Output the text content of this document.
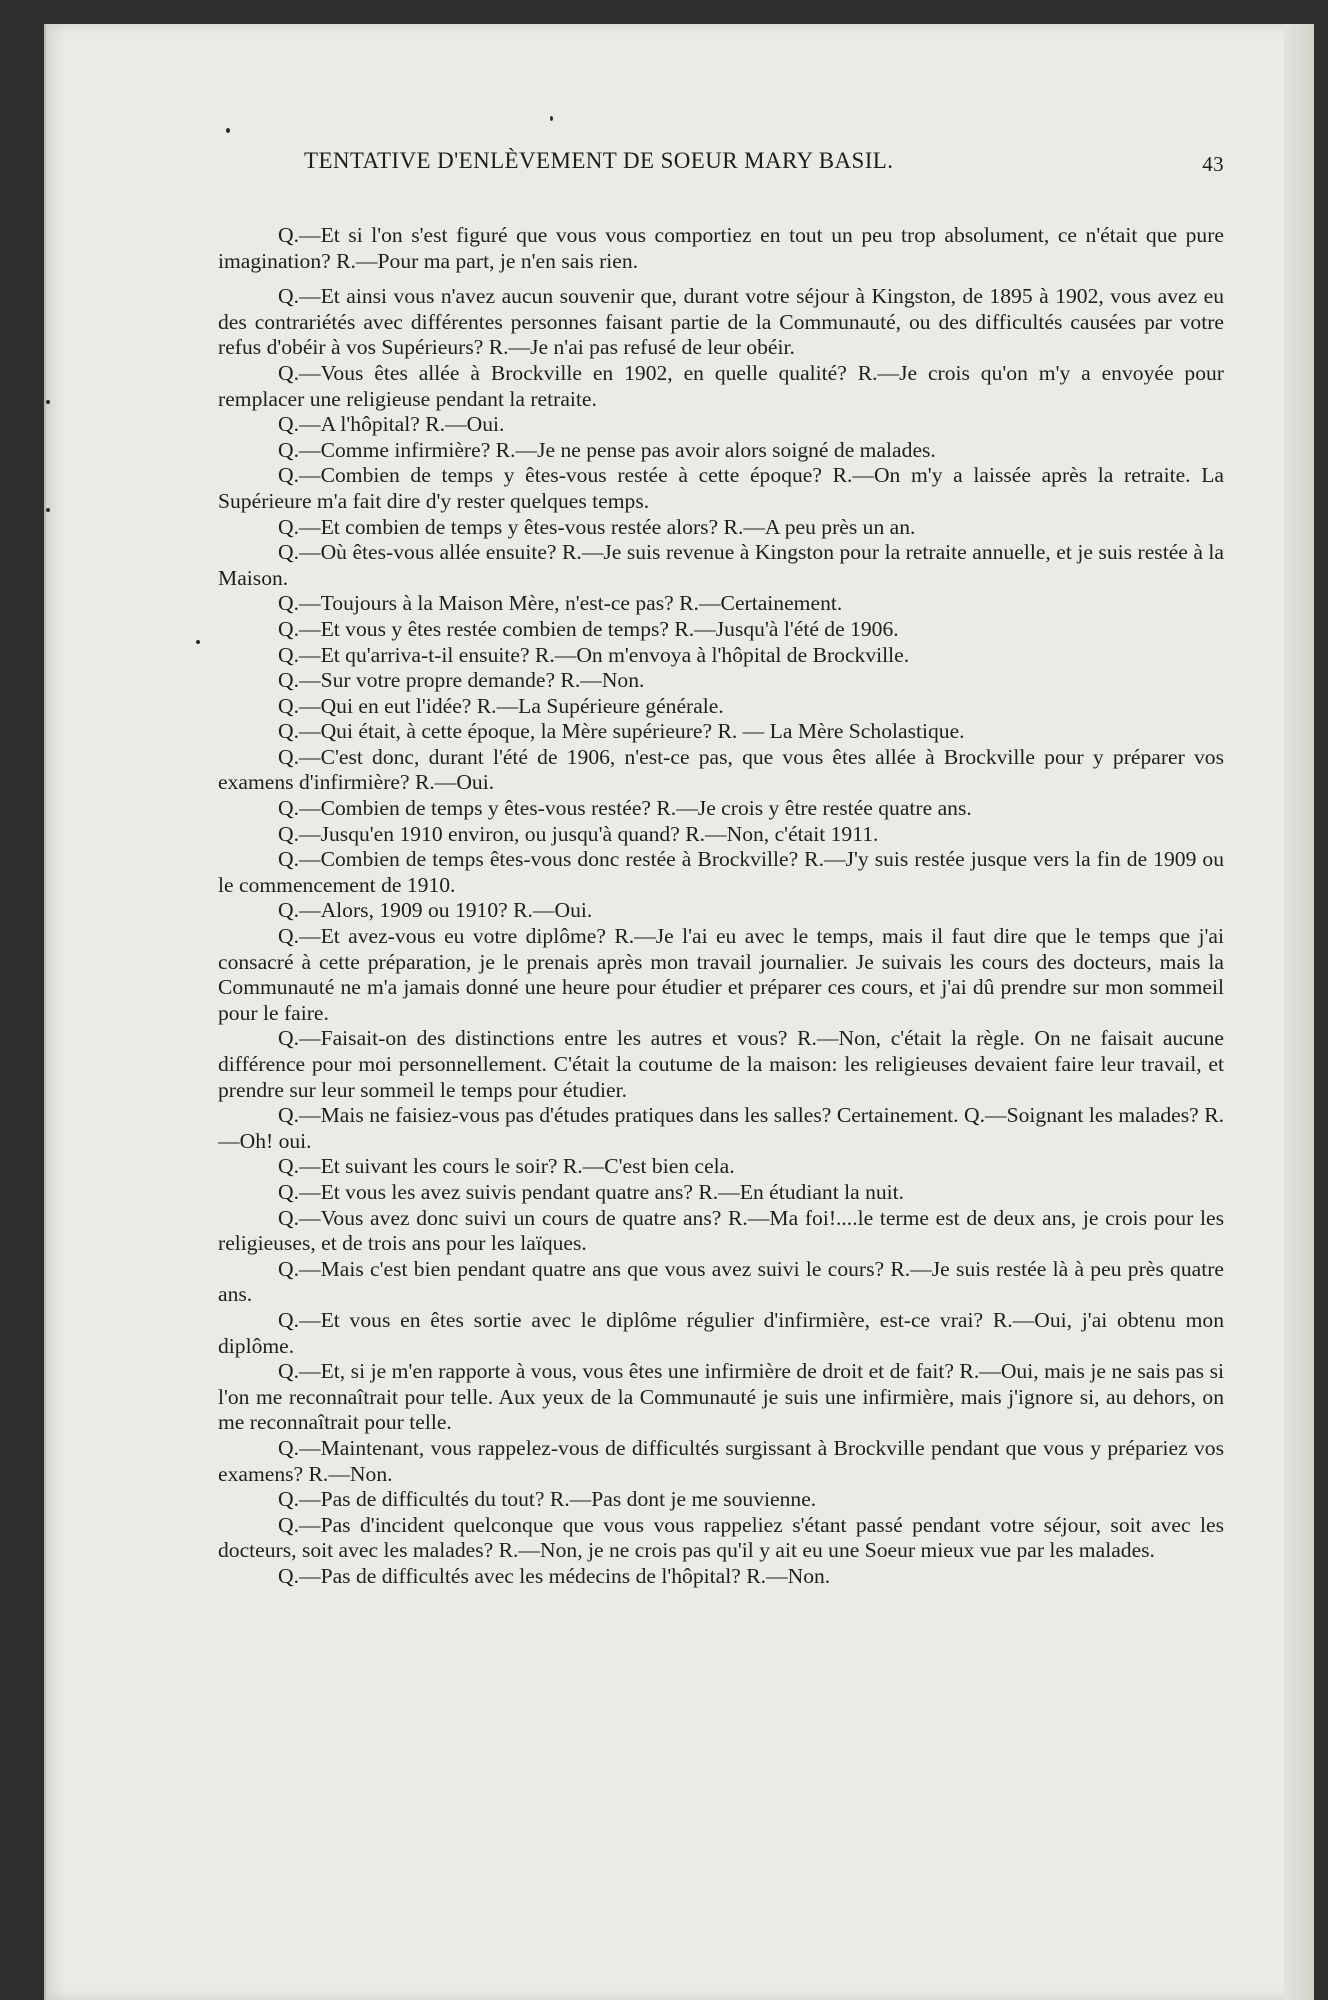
TENTATIVE D'ENLÈVEMENT DE SOEUR MARY BASIL.	43

Q.—Et si l'on s'est figuré que vous vous comportiez en tout un peu trop absolument, ce n'était que pure imagination? R.—Pour ma part, je n'en sais rien.

Q.—Et ainsi vous n'avez aucun souvenir que, durant votre séjour à Kingston, de 1895 à 1902, vous avez eu des contrariétés avec différentes personnes faisant partie de la Communauté, ou des difficultés causées par votre refus d'obéir à vos Supérieurs? R.—Je n'ai pas refusé de leur obéir.

Q.—Vous êtes allée à Brockville en 1902, en quelle qualité? R.—Je crois qu'on m'y a envoyée pour remplacer une religieuse pendant la retraite.

Q.—A l'hôpital? R.—Oui.

Q.—Comme infirmière? R.—Je ne pense pas avoir alors soigné de malades.

Q.—Combien de temps y êtes-vous restée à cette époque? R.—On m'y a laissée après la retraite. La Supérieure m'a fait dire d'y rester quelques temps.

Q.—Et combien de temps y êtes-vous restée alors? R.—A peu près un an.

Q.—Où êtes-vous allée ensuite? R.—Je suis revenue à Kingston pour la retraite annuelle, et je suis restée à la Maison.

Q.—Toujours à la Maison Mère, n'est-ce pas? R.—Certainement.

Q.—Et vous y êtes restée combien de temps? R.—Jusqu'à l'été de 1906.

Q.—Et qu'arriva-t-il ensuite? R.—On m'envoya à l'hôpital de Brockville.

Q.—Sur votre propre demande? R.—Non.

Q.—Qui en eut l'idée? R.—La Supérieure générale.

Q.—Qui était, à cette époque, la Mère supérieure? R. — La Mère Scholastique.

Q.—C'est donc, durant l'été de 1906, n'est-ce pas, que vous êtes allée à Brockville pour y préparer vos examens d'infirmière? R.—Oui.

Q.—Combien de temps y êtes-vous restée? R.—Je crois y être restée quatre ans.

Q.—Jusqu'en 1910 environ, ou jusqu'à quand? R.—Non, c'était 1911.

Q.—Combien de temps êtes-vous donc restée à Brockville? R.—J'y suis restée jusque vers la fin de 1909 ou le commencement de 1910.

Q.—Alors, 1909 ou 1910? R.—Oui.

Q.—Et avez-vous eu votre diplôme? R.—Je l'ai eu avec le temps, mais il faut dire que le temps que j'ai consacré à cette préparation, je le prenais après mon travail journalier. Je suivais les cours des docteurs, mais la Communauté ne m'a jamais donné une heure pour étudier et préparer ces cours, et j'ai dû prendre sur mon sommeil pour le faire.

Q.—Faisait-on des distinctions entre les autres et vous? R.—Non, c'était la règle. On ne faisait aucune différence pour moi personnellement. C'était la coutume de la maison: les religieuses devaient faire leur travail, et prendre sur leur sommeil le temps pour étudier.

Q.—Mais ne faisiez-vous pas d'études pratiques dans les salles? Certainement. Q.—Soignant les malades? R.—Oh! oui.

Q.—Et suivant les cours le soir? R.—C'est bien cela.

Q.—Et vous les avez suivis pendant quatre ans? R.—En étudiant la nuit.

Q.—Vous avez donc suivi un cours de quatre ans? R.—Ma foi!....le terme est de deux ans, je crois pour les religieuses, et de trois ans pour les laïques.

Q.—Mais c'est bien pendant quatre ans que vous avez suivi le cours? R.—Je suis restée là à peu près quatre ans.

Q.—Et vous en êtes sortie avec le diplôme régulier d'infirmière, est-ce vrai? R.—Oui, j'ai obtenu mon diplôme.

Q.—Et, si je m'en rapporte à vous, vous êtes une infirmière de droit et de fait? R.—Oui, mais je ne sais pas si l'on me reconnaîtrait pour telle. Aux yeux de la Communauté je suis une infirmière, mais j'ignore si, au dehors, on me reconnaîtrait pour telle.

Q.—Maintenant, vous rappelez-vous de difficultés surgissant à Brockville pendant que vous y prépariez vos examens? R.—Non.

Q.—Pas de difficultés du tout? R.—Pas dont je me souvienne.

Q.—Pas d'incident quelconque que vous vous rappeliez s'étant passé pendant votre séjour, soit avec les docteurs, soit avec les malades? R.—Non, je ne crois pas qu'il y ait eu une Soeur mieux vue par les malades.

Q.—Pas de difficultés avec les médecins de l'hôpital? R.—Non.
